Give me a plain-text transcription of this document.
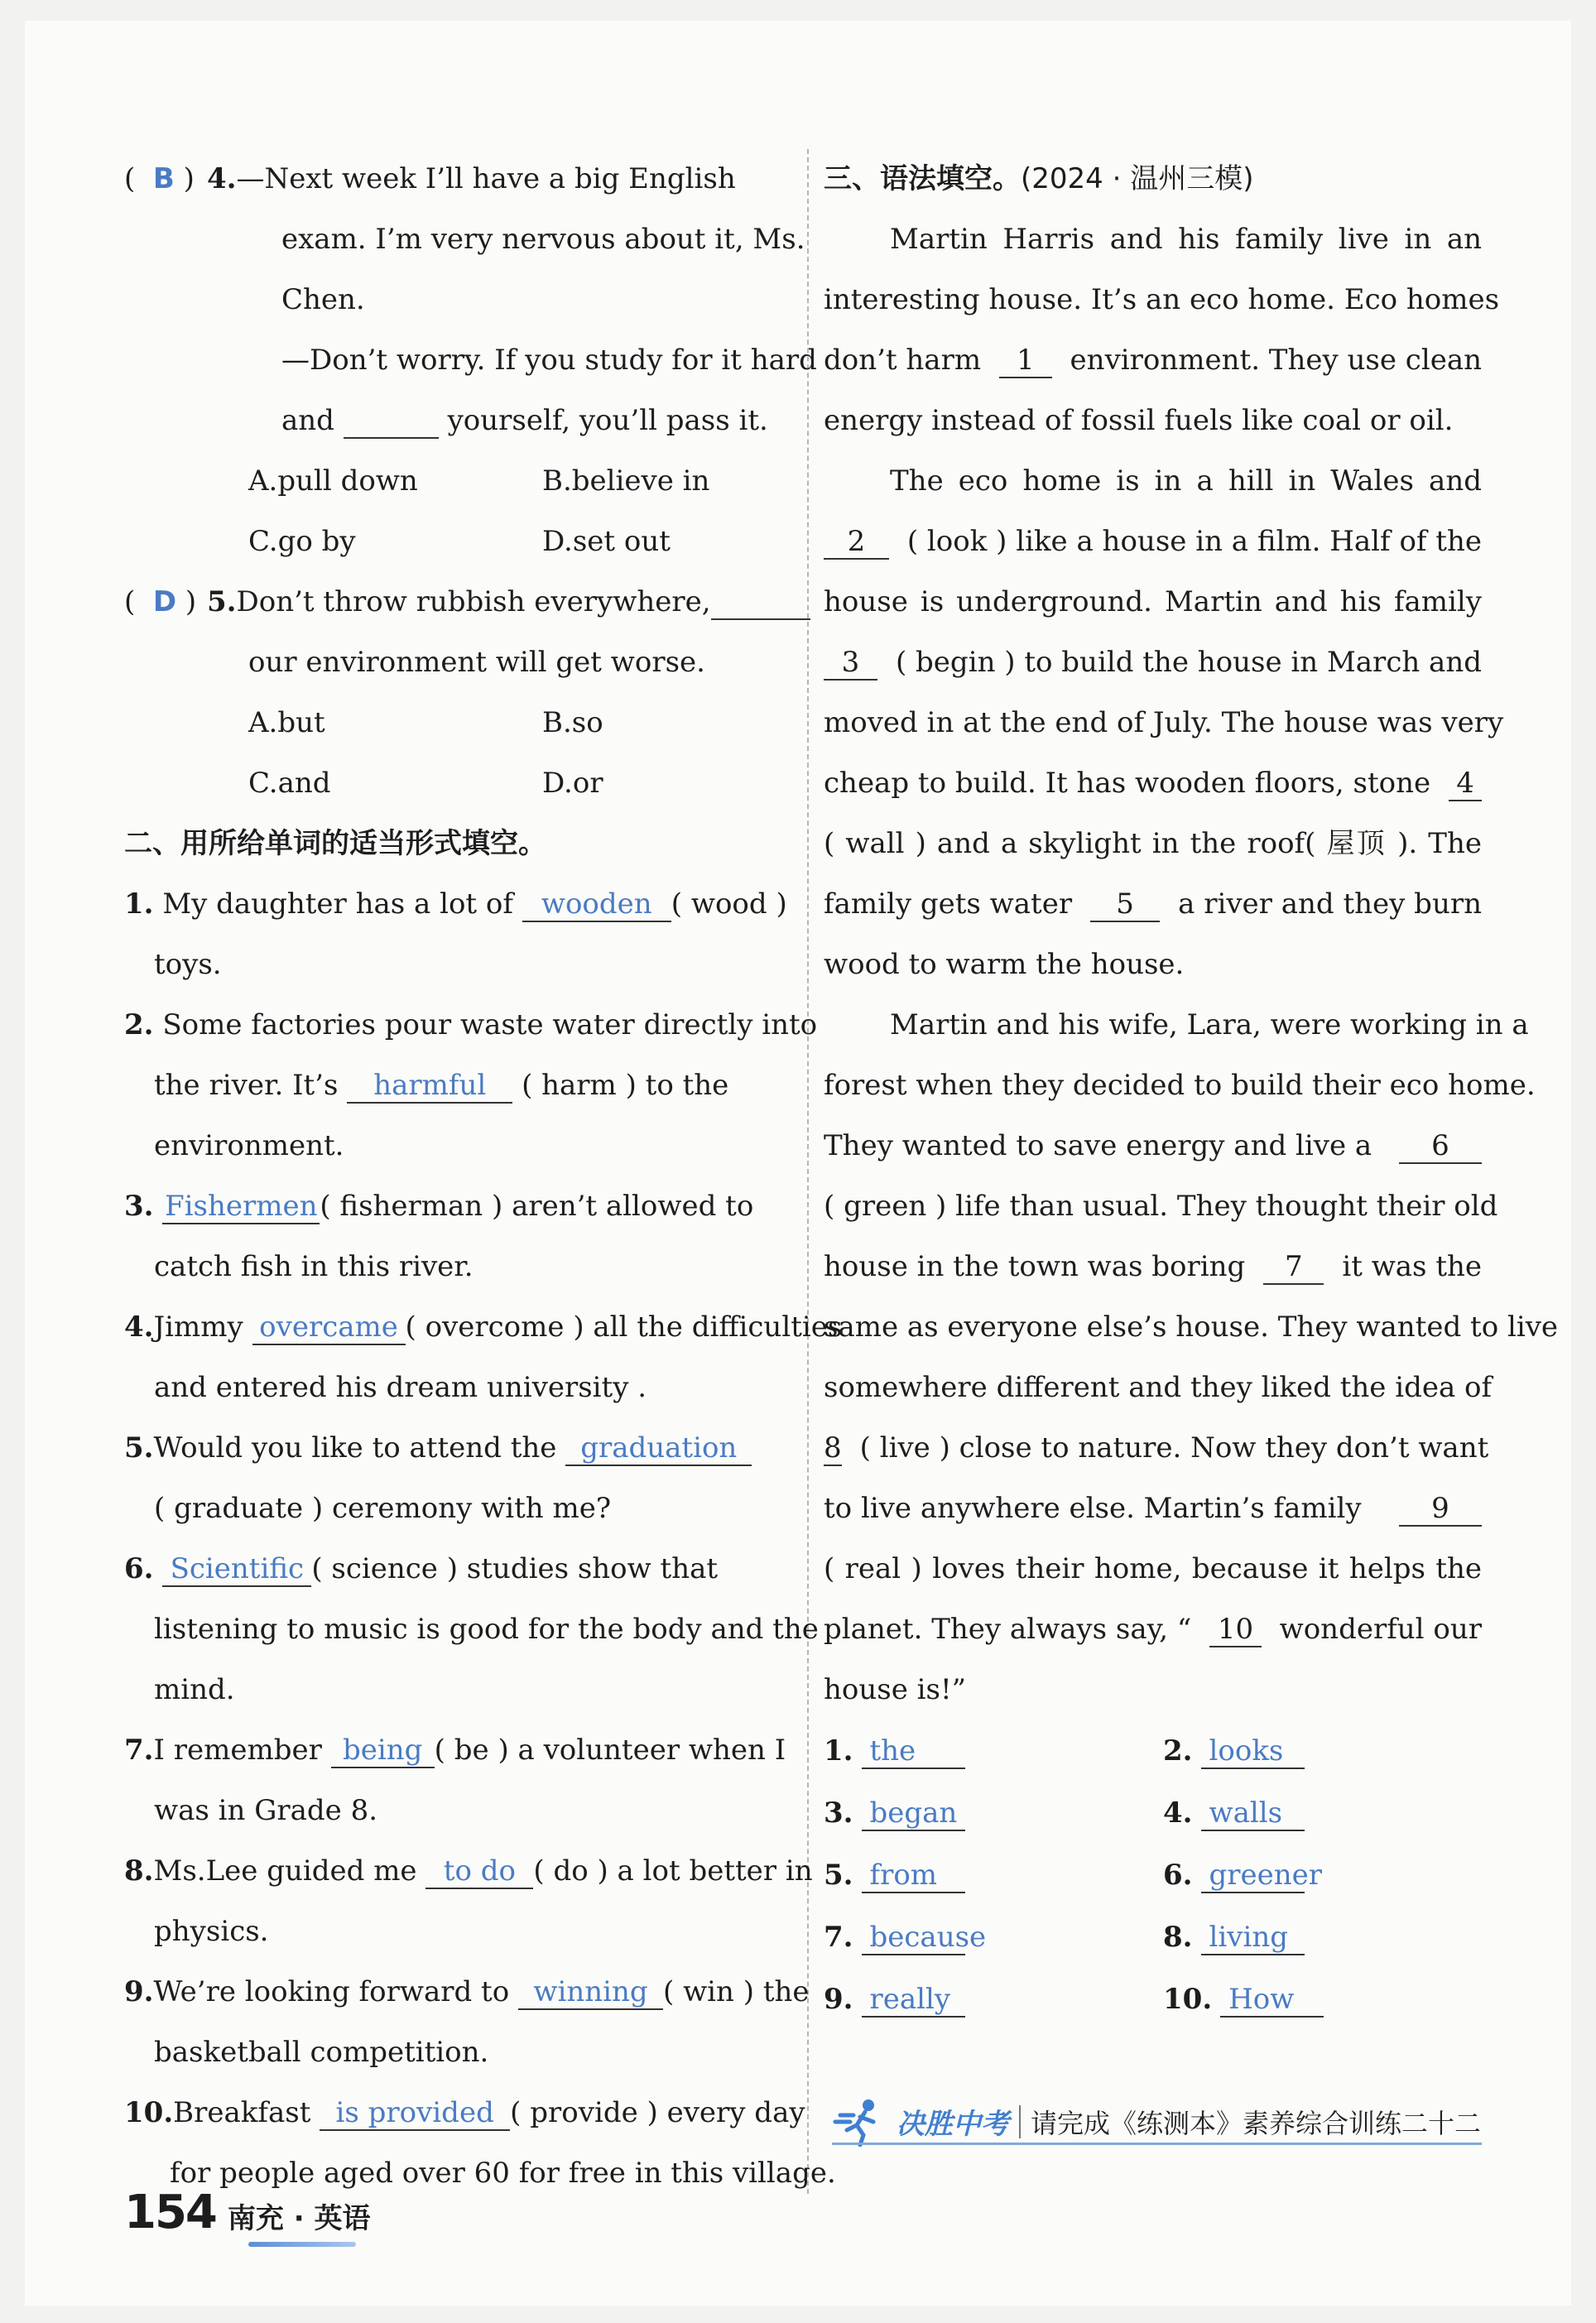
(  B ) 4.—Next week I’ll have a big English
exam. I’m very nervous about it, Ms.
Chen.
—Don’t worry. If you study for it hard
and	yourself, you’ll pass it.
A.pull down	B.believe in
C.go by	D.set out
(  D ) 5.Don’t throw rubbish everywhere,
our environment will get worse.
A.but	B.so
C.and	D.or
二、用所给单词的适当形式填空。
1. My daughter has a lot of wooden ( wood )
toys.
2. Some factories pour waste water directly into
the river. It’s harmful ( harm ) to the
environment.
3. Fishermen( fisherman ) aren’t allowed to
catch fish in this river.
4.Jimmy overcame ( overcome ) all the difficulties
and entered his dream university .
5.Would you like to attend the graduation
( graduate ) ceremony with me?
6. Scientific ( science ) studies show that
listening to music is good for the body and the
mind.
7.I remember being ( be ) a volunteer when I
was in Grade 8.
8.Ms.Lee guided me to do ( do ) a lot better in
physics.
9.We’re looking forward to winning ( win ) the
basketball competition.
10.Breakfast is provided ( provide ) every day
for people aged over 60 for free in this village.
三、语法填空。(2024 · 温州三模)
Martin Harris and his family live in an
interesting house. It’s an eco home. Eco homes
don’t harm	1	environment. They use clean
energy instead of fossil fuels like coal or oil.
The eco home is in a hill in Wales and
2	( look ) like a house in a film. Half of the
house is underground. Martin and his family
3	( begin ) to build the house in March and
moved in at the end of July. The house was very
cheap to build. It has wooden floors, stone 4
( wall ) and a skylight in the roof( 屋顶 ). The
family gets water	5	a river and they burn
wood to warm the house.
Martin and his wife, Lara, were working in a
forest when they decided to build their eco home.
They wanted to save energy and live a	6
( green ) life than usual. They thought their old
house in the town was boring	7	it was the
same as everyone else’s house. They wanted to live
somewhere different and they liked the idea of
8 ( live ) close to nature. Now they don’t want
to live anywhere else. Martin’s family	9
( real ) loves their home, because it helps the
planet. They always say, “ 10 wonderful our
house is!”
1. the	2. looks
3. began	4. walls
5. from	6. greener
7. because	8. living
9. really	10. How
决胜中考 请完成《练测本》素养综合训练二十二
154 南充 · 英语
